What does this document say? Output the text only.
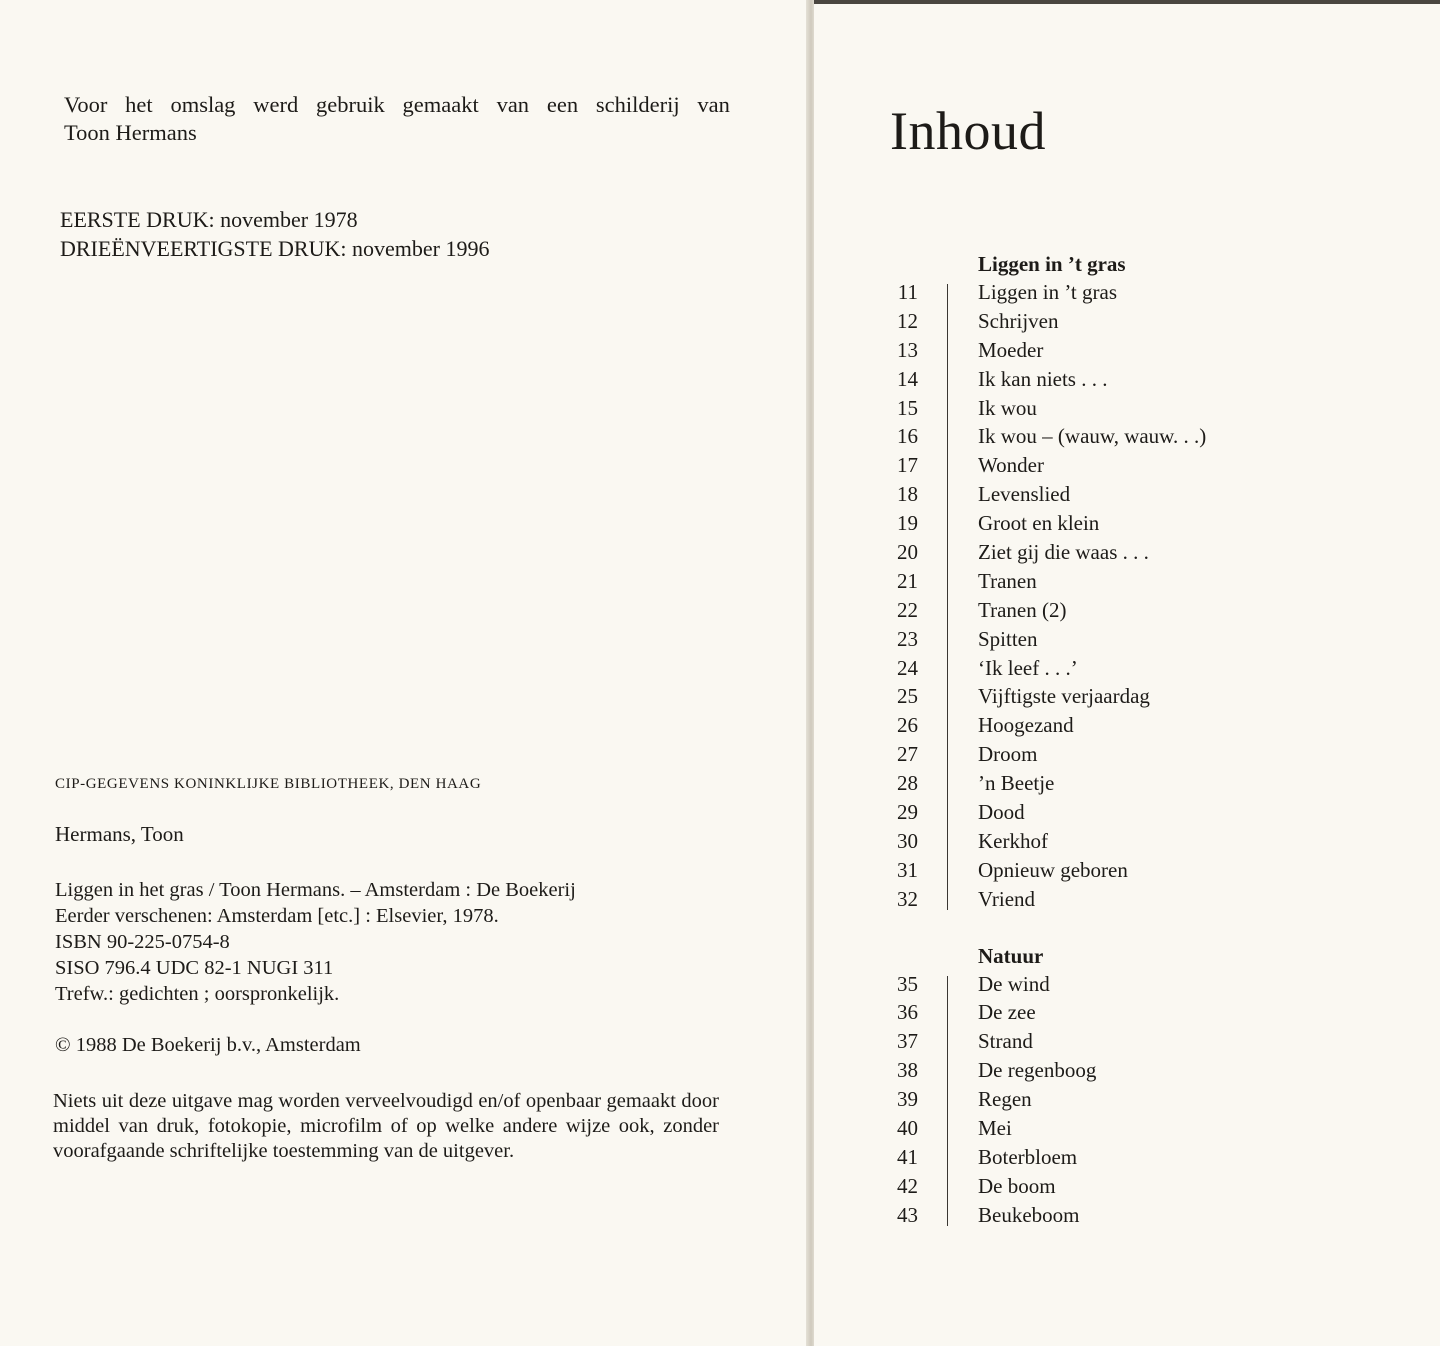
Voor het omslag werd gebruik gemaakt van een schilderij van
Toon Hermans
EERSTE DRUK: november 1978
DRIEËNVEERTIGSTE DRUK: november 1996
CIP-GEGEVENS KONINKLIJKE BIBLIOTHEEK, DEN HAAG
Hermans, Toon
Liggen in het gras / Toon Hermans. – Amsterdam : De Boekerij
Eerder verschenen: Amsterdam [etc.] : Elsevier, 1978.
ISBN 90-225-0754-8
SISO 796.4 UDC 82-1 NUGI 311
Trefw.: gedichten ; oorspronkelijk.
© 1988 De Boekerij b.v., Amsterdam
Niets uit deze uitgave mag worden verveelvoudigd en/of openbaar gemaakt door middel van druk, fotokopie, microfilm of op welke andere wijze ook, zonder voorafgaande schriftelijke toestemming van de uitgever.
Inhoud
Liggen in ’t gras
11	Liggen in ’t gras
12	Schrijven
13	Moeder
14	Ik kan niets . . .
15	Ik wou
16	Ik wou – (wauw, wauw. . .)
17	Wonder
18	Levenslied
19	Groot en klein
20	Ziet gij die waas . . .
21	Tranen
22	Tranen (2)
23	Spitten
24	‘Ik leef . . .’
25	Vijftigste verjaardag
26	Hoogezand
27	Droom
28	’n Beetje
29	Dood
30	Kerkhof
31	Opnieuw geboren
32	Vriend
Natuur
35	De wind
36	De zee
37	Strand
38	De regenboog
39	Regen
40	Mei
41	Boterbloem
42	De boom
43	Beukeboom
